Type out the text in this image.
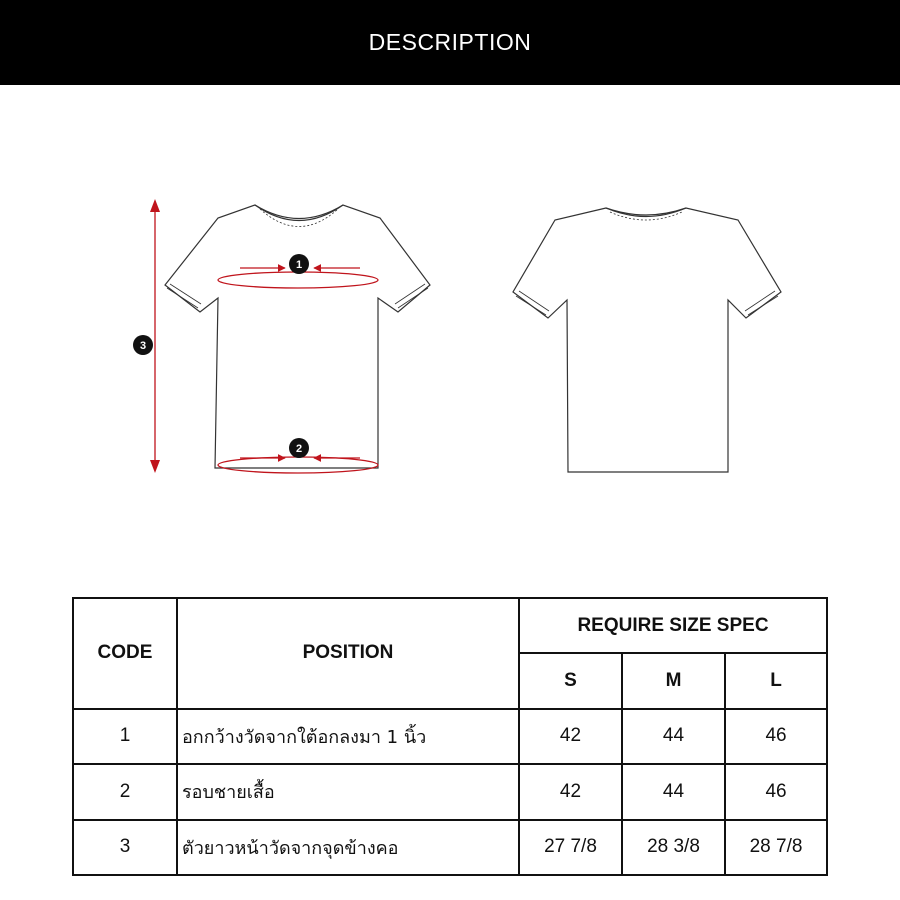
DESCRIPTION
1
2
3
CODE	POSITION	REQUIRE SIZE SPEC		
		S	M	L
1	อกกว้างวัดจากใต้อกลงมา 1 นิ้ว	42	44	46
2	รอบชายเสื้อ	42	44	46
3	ตัวยาวหน้าวัดจากจุดข้างคอ	27 7/8	28 3/8	28 7/8
